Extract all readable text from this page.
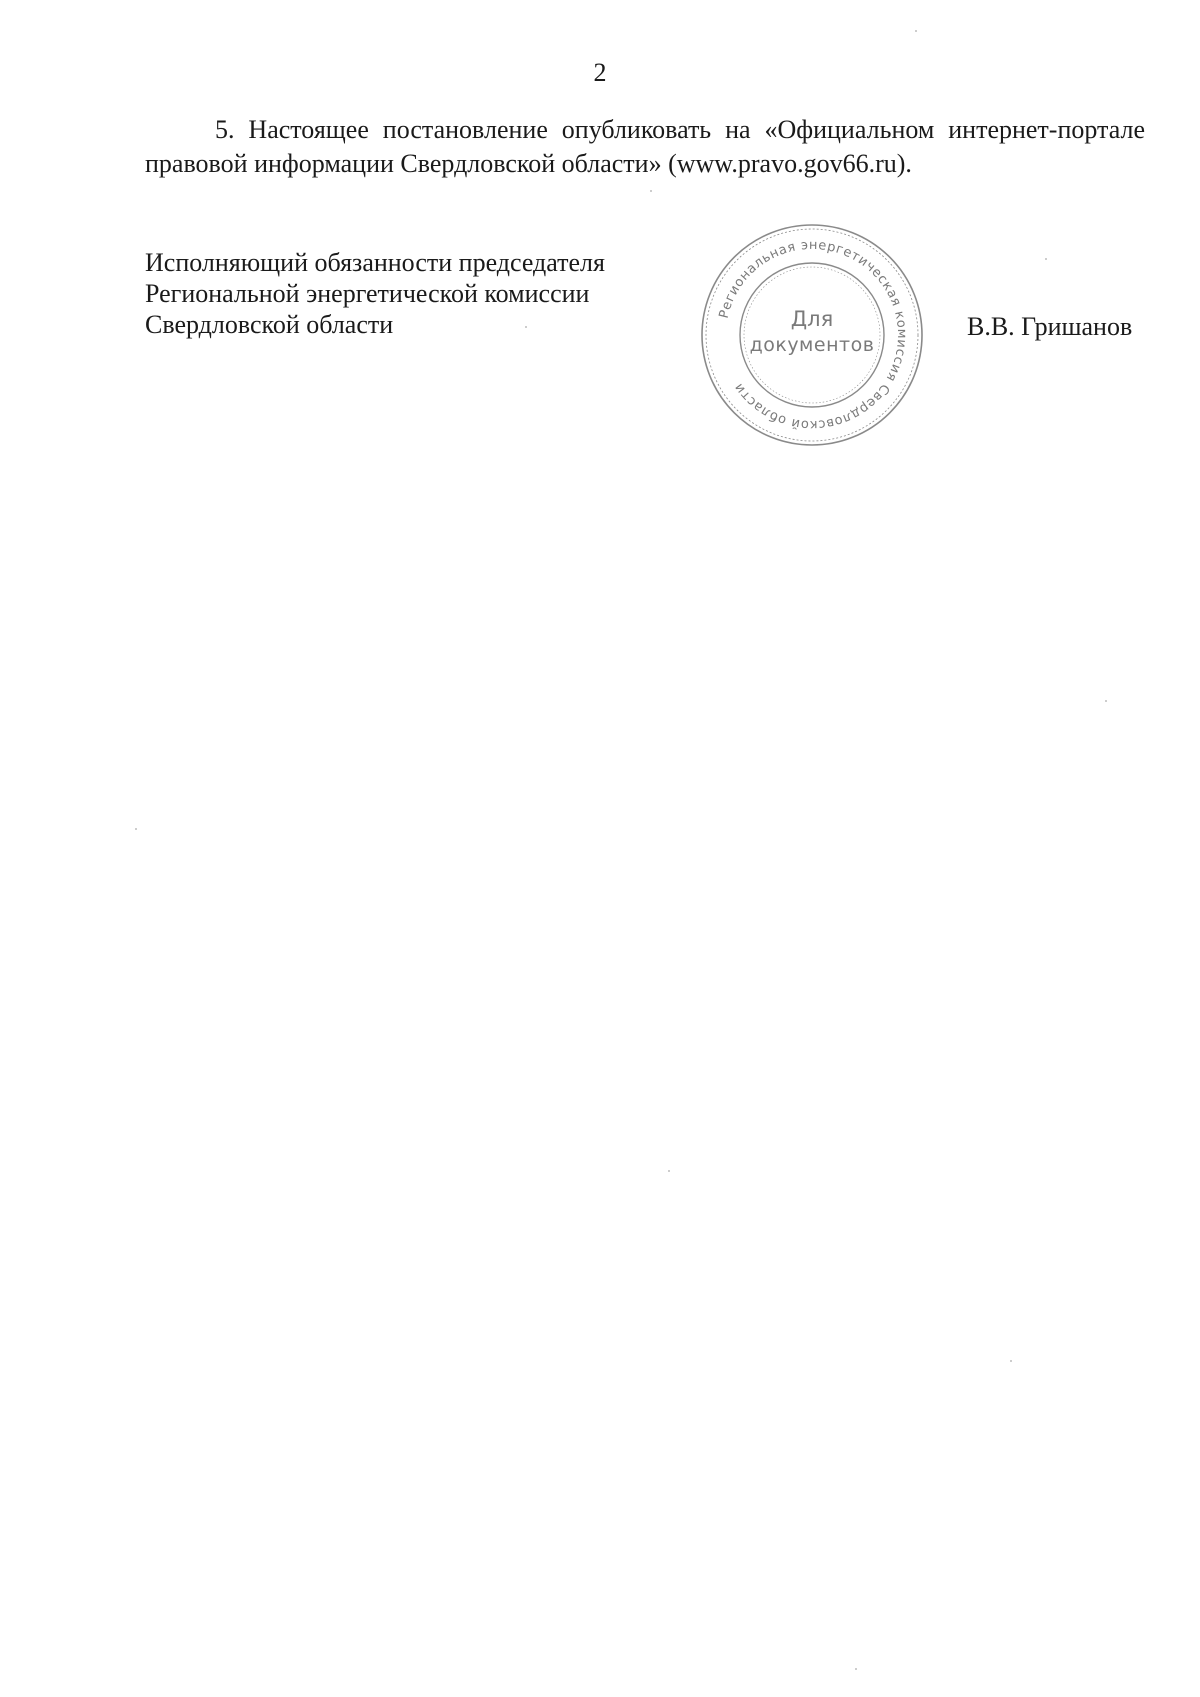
2

5. Настоящее постановление опубликовать на «Официальном интернет-портале правовой информации Свердловской области» (www.pravo.gov66.ru).

Исполняющий обязанности председателя
Региональной энергетической комиссии
Свердловской области	Региональная энергетическая комиссия Свердловской области
Для
документов
В.В. Гришанов
